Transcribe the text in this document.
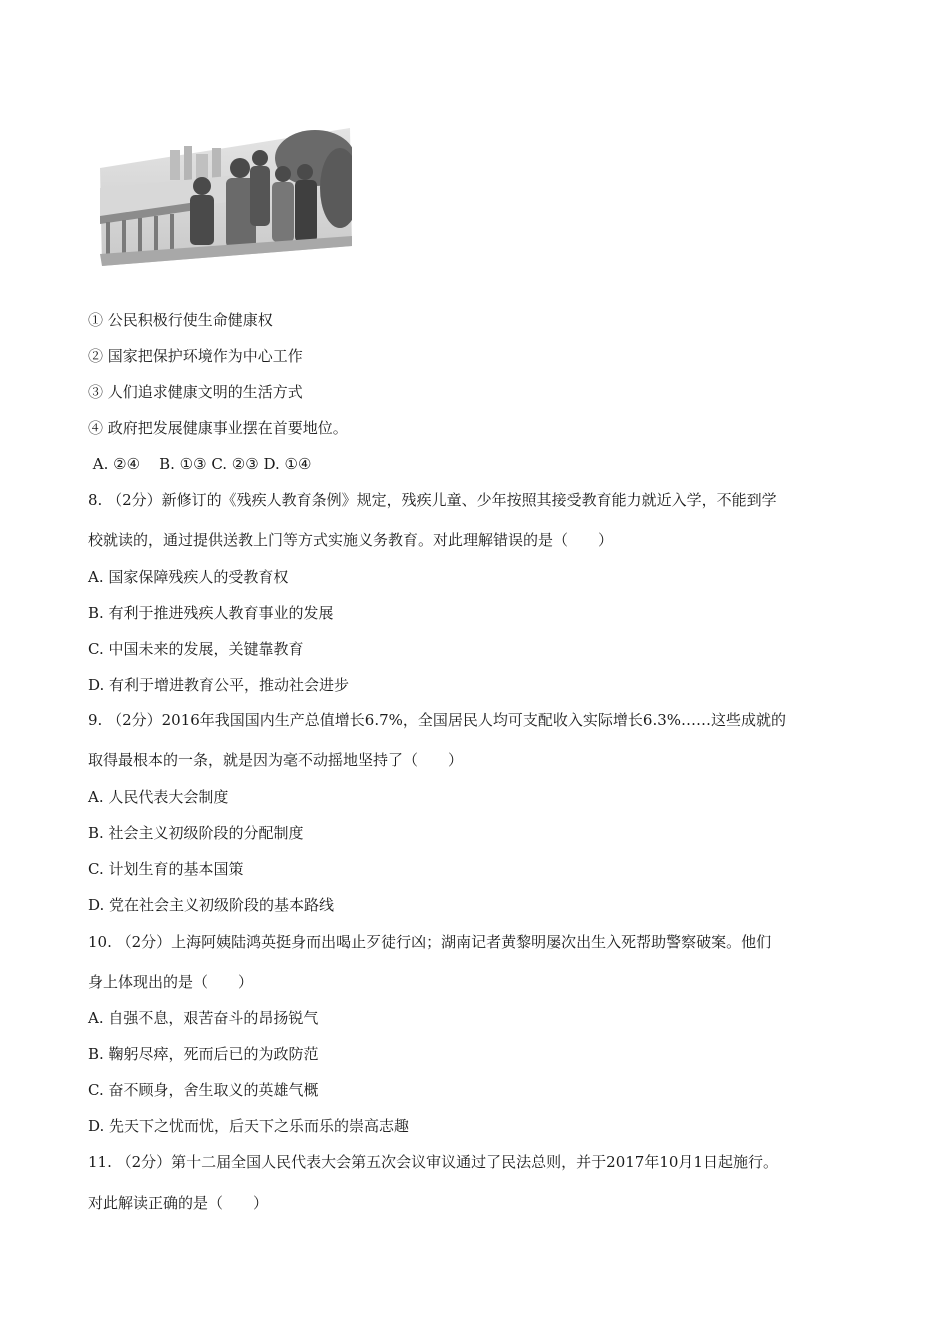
① 公民积极行使生命健康权
② 国家把保护环境作为中心工作
③ 人们追求健康文明的生活方式
④ 政府把发展健康事业摆在首要地位。
A. ②④    B. ①③ C. ②③ D. ①④
8. （2分）新修订的《残疾人教育条例》规定，残疾儿童、少年按照其接受教育能力就近入学，不能到学
校就读的，通过提供送教上门等方式实施义务教育。对此理解错误的是（　　）
A. 国家保障残疾人的受教育权
B. 有利于推进残疾人教育事业的发展
C. 中国未来的发展，关键靠教育
D. 有利于增进教育公平，推动社会进步
9. （2分）2016年我国国内生产总值增长6.7%，全国居民人均可支配收入实际增长6.3%……这些成就的
取得最根本的一条，就是因为毫不动摇地坚持了（　　）
A. 人民代表大会制度
B. 社会主义初级阶段的分配制度
C. 计划生育的基本国策
D. 党在社会主义初级阶段的基本路线
10. （2分）上海阿姨陆鸿英挺身而出喝止歹徒行凶；湖南记者黄黎明屡次出生入死帮助警察破案。他们
身上体现出的是（　　）
A. 自强不息，艰苦奋斗的昂扬锐气
B. 鞠躬尽瘁，死而后已的为政防范
C. 奋不顾身，舍生取义的英雄气概
D. 先天下之忧而忧，后天下之乐而乐的崇高志趣
11. （2分）第十二届全国人民代表大会第五次会议审议通过了民法总则，并于2017年10月1日起施行。
对此解读正确的是（　　）
